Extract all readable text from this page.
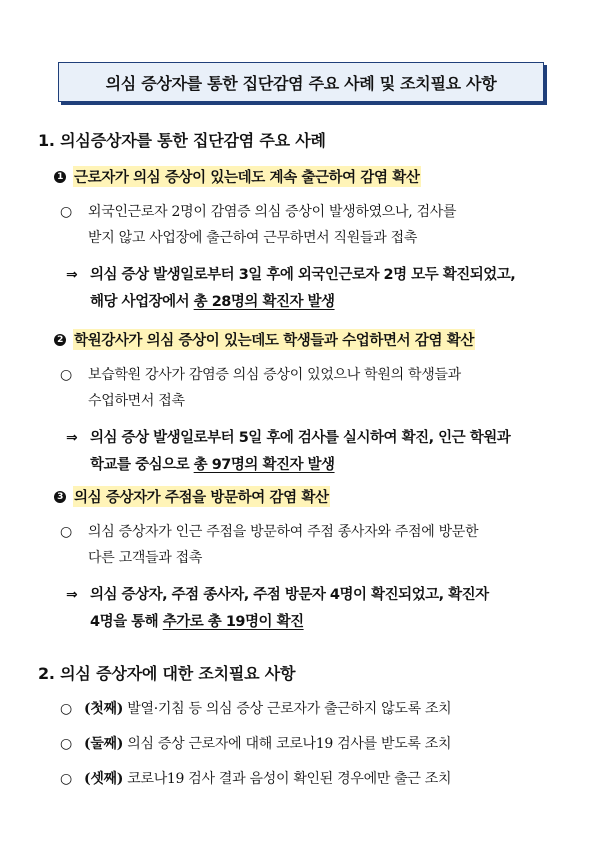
의심 증상자를 통한 집단감염 주요 사례 및 조치필요 사항
1. 의심증상자를 통한 집단감염 주요 사례
1 근로자가 의심 증상이 있는데도 계속 출근하여 감염 확산
○ 외국인근로자 2명이 감염증 의심 증상이 발생하였으나, 검사를
받지 않고 사업장에 출근하여 근무하면서 직원들과 접촉
⇒ 의심 증상 발생일로부터 3일 후에 외국인근로자 2명 모두 확진되었고,
해당 사업장에서 총 28명의 확진자 발생
2 학원강사가 의심 증상이 있는데도 학생들과 수업하면서 감염 확산
○ 보습학원 강사가 감염증 의심 증상이 있었으나 학원의 학생들과
수업하면서 접촉
⇒ 의심 증상 발생일로부터 5일 후에 검사를 실시하여 확진, 인근 학원과
학교를 중심으로 총 97명의 확진자 발생
3 의심 증상자가 주점을 방문하여 감염 확산
○ 의심 증상자가 인근 주점을 방문하여 주점 종사자와 주점에 방문한
다른 고객들과 접촉
⇒ 의심 증상자, 주점 종사자, 주점 방문자 4명이 확진되었고, 확진자
4명을 통해 추가로 총 19명이 확진
2. 의심 증상자에 대한 조치필요 사항
○ (첫째) 발열·기침 등 의심 증상 근로자가 출근하지 않도록 조치
○ (둘째) 의심 증상 근로자에 대해 코로나19 검사를 받도록 조치
○ (셋째) 코로나19 검사 결과 음성이 확인된 경우에만 출근 조치
